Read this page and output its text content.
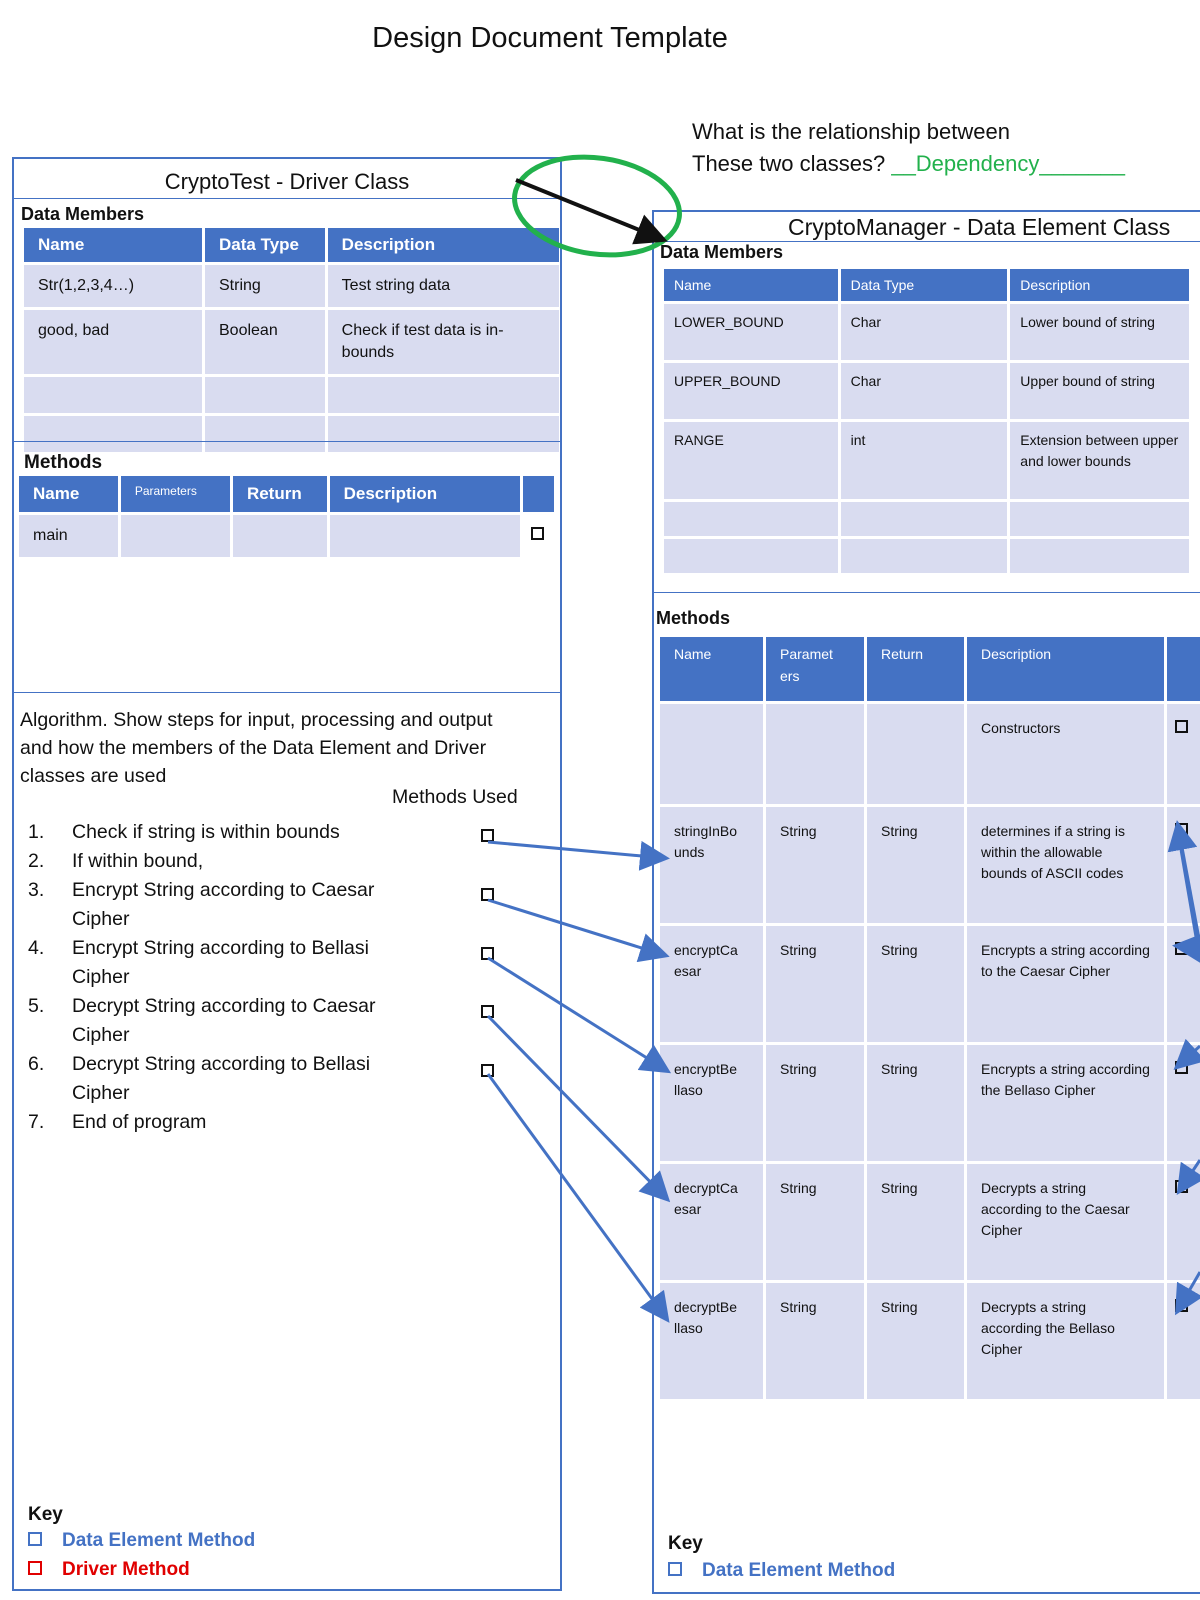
Design Document Template
What is the relationship between
These two classes? __Dependency_______
CryptoTest - Driver Class
Data Members
Name	Data Type	Description
Str(1,2,3,4…)	String	Test string data
good, bad	Boolean	Check if test data is in-bounds

Methods
Name	Parameters	Return	Description	
main				
Algorithm. Show steps for input, processing and output and how the members of the Data Element and Driver classes are used
Methods Used
1. Check if string is within bounds
2. If within bound,
3. Encrypt String according to Caesar Cipher
4. Encrypt String according to Bellasi Cipher
5. Decrypt String according to Caesar Cipher
6. Decrypt String according to Bellasi Cipher
7. End of program
Key
Data Element Method
Driver Method
CryptoManager - Data Element Class
Data Members
Name	Data Type	Description
LOWER_BOUND	Char	Lower bound of string
UPPER_BOUND	Char	Upper bound of string
RANGE	int	Extension between upper and lower bounds

Methods
Name	Paramet ers	Return	Description	
			Constructors	
stringInBo unds	String	String	determines if a string is within the allowable bounds of ASCII codes	
encryptCa esar	String	String	Encrypts a string according to the Caesar Cipher	
encryptBe llaso	String	String	Encrypts a string according the Bellaso Cipher	
decryptCa esar	String	String	Decrypts a string according to the Caesar Cipher	
decryptBe llaso	String	String	Decrypts a string according the Bellaso Cipher	
Key
Data Element Method
